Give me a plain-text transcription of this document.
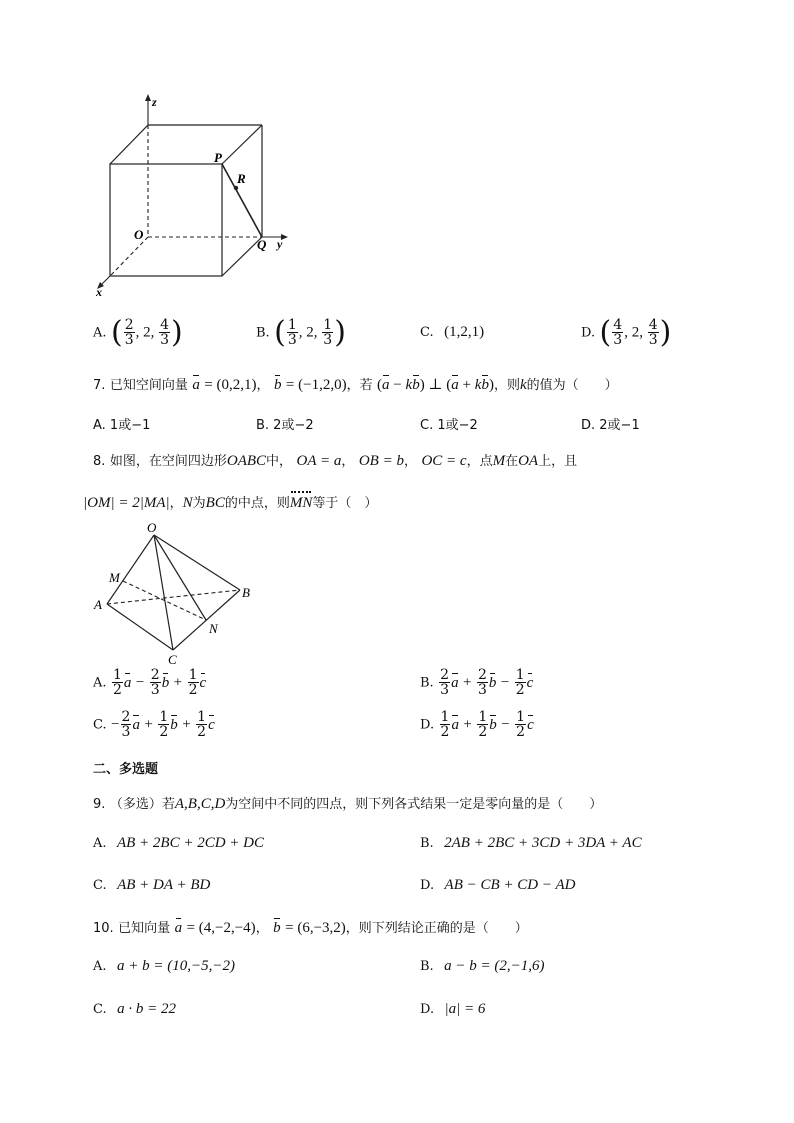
z
y
x
O
P
R
Q
A. ( $\frac{2}{3}$ , 2, $\frac{4}{3}$ )	B. ( $\frac{1}{3}$ , 2, $\frac{1}{3}$ )	C. (1,2,1)	D. ( $\frac{4}{3}$ , 2, $\frac{4}{3}$ )
7. 已知空间向量 a = (0,2,1)， b = (−1,2,0)，若 (a − kb) ⊥ (a + kb)，则k的值为（　　）
A. 1或−1	B. 2或−2	C. 1或−2	D. 2或−1
8. 如图，在空间四边形OABC中， OA = a， OB = b， OC = c，点M在OA上，且
|OM| = 2|MA|，N为BC的中点，则MN等于（　）
O
M
A
B
N
C
A. $\frac{1}{2}$ $a - \frac{2}{3}$ $b + \frac{1}{2}$ c	B. $\frac{2}{3}$ $a + \frac{2}{3}$ $b - \frac{1}{2}$ c
C. − $\frac{2}{3}$ $a + \frac{1}{2}$ $b + \frac{1}{2}$ c	D. $\frac{1}{2}$ $a + \frac{1}{2}$ $b - \frac{1}{2}$ c
二、多选题
9. （多选）若A,B,C,D为空间中不同的四点，则下列各式结果一定是零向量的是（　　）
A. AB + 2BC + 2CD + DC	B. 2AB + 2BC + 3CD + 3DA + AC
C. AB + DA + BD	D. AB − CB + CD − AD
10. 已知向量 a = (4,−2,−4)， b = (6,−3,2)，则下列结论正确的是（　　）
A. a + b = (10,−5,−2)	B. a − b = (2,−1,6)
C. a · b = 22	D. |a| = 6
